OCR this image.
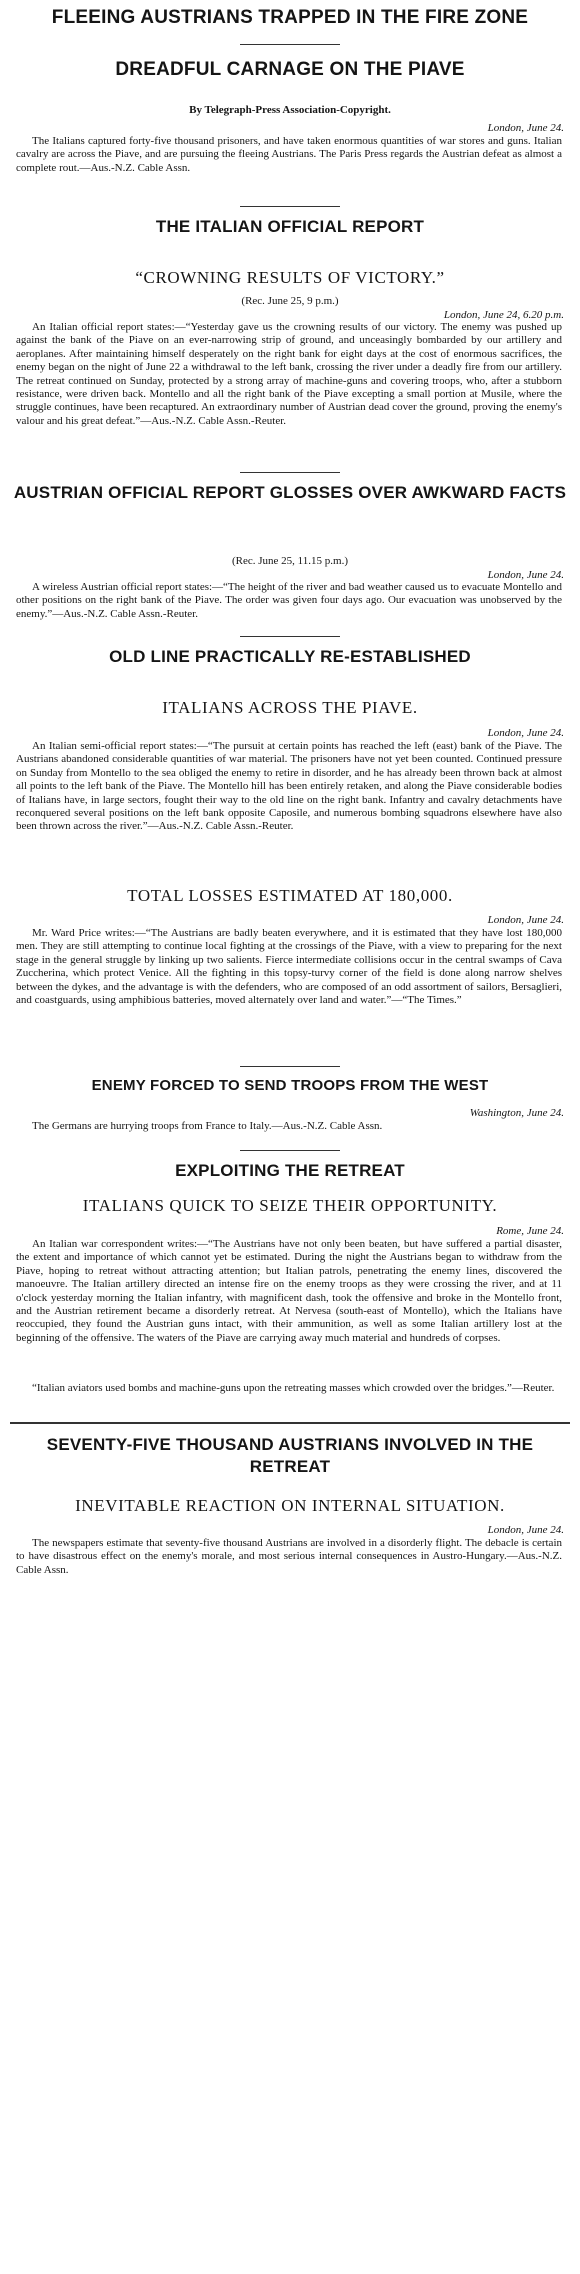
FLEEING AUSTRIANS TRAPPED IN THE FIRE ZONE
DREADFUL CARNAGE ON THE PIAVE
By Telegraph-Press Association-Copyright.
London, June 24.
The Italians captured forty-five thousand prisoners, and have taken enormous quantities of war stores and guns. Italian cavalry are across the Piave, and are pursuing the fleeing Austrians. The Paris Press regards the Austrian defeat as almost a complete rout.—Aus.-N.Z. Cable Assn.
THE ITALIAN OFFICIAL REPORT
“CROWNING RESULTS OF VICTORY.”
(Rec. June 25, 9 p.m.)
London, June 24, 6.20 p.m.
An Italian official report states:—“Yesterday gave us the crowning results of our victory. The enemy was pushed up against the bank of the Piave on an ever-narrowing strip of ground, and unceasingly bombarded by our artillery and aeroplanes. After maintaining himself desperately on the right bank for eight days at the cost of enormous sacrifices, the enemy began on the night of June 22 a withdrawal to the left bank, crossing the river under a deadly fire from our artillery. The retreat continued on Sunday, protected by a strong array of machine-guns and covering troops, who, after a stubborn resistance, were driven back. Montello and all the right bank of the Piave excepting a small portion at Musile, where the struggle continues, have been recaptured. An extraordinary number of Austrian dead cover the ground, proving the enemy's valour and his great defeat.”—Aus.-N.Z. Cable Assn.-Reuter.
AUSTRIAN OFFICIAL REPORT GLOSSES OVER AWKWARD FACTS
(Rec. June 25, 11.15 p.m.)
London, June 24.
A wireless Austrian official report states:—“The height of the river and bad weather caused us to evacuate Montello and other positions on the right bank of the Piave. The order was given four days ago. Our evacuation was unobserved by the enemy.”—Aus.-N.Z. Cable Assn.-Reuter.
OLD LINE PRACTICALLY RE-ESTABLISHED
ITALIANS ACROSS THE PIAVE.
London, June 24.
An Italian semi-official report states:—“The pursuit at certain points has reached the left (east) bank of the Piave. The Austrians abandoned considerable quantities of war material. The prisoners have not yet been counted. Continued pressure on Sunday from Montello to the sea obliged the enemy to retire in disorder, and he has already been thrown back at almost all points to the left bank of the Piave. The Montello hill has been entirely retaken, and along the Piave considerable bodies of Italians have, in large sectors, fought their way to the old line on the right bank. Infantry and cavalry detachments have reconquered several positions on the left bank opposite Caposile, and numerous bombing squadrons elsewhere have also been thrown across the river.”—Aus.-N.Z. Cable Assn.-Reuter.
TOTAL LOSSES ESTIMATED AT 180,000.
London, June 24.
Mr. Ward Price writes:—“The Austrians are badly beaten everywhere, and it is estimated that they have lost 180,000 men. They are still attempting to continue local fighting at the crossings of the Piave, with a view to preparing for the next stage in the general struggle by linking up two salients. Fierce intermediate collisions occur in the central swamps of Cava Zuccherina, which protect Venice. All the fighting in this topsy-turvy corner of the field is done along narrow shelves between the dykes, and the advantage is with the defenders, who are composed of an odd assortment of sailors, Bersaglieri, and coastguards, using amphibious batteries, moved alternately over land and water.”—“The Times.”
ENEMY FORCED TO SEND TROOPS FROM THE WEST
Washington, June 24.
The Germans are hurrying troops from France to Italy.—Aus.-N.Z. Cable Assn.
EXPLOITING THE RETREAT
ITALIANS QUICK TO SEIZE THEIR OPPORTUNITY.
Rome, June 24.
An Italian war correspondent writes:—“The Austrians have not only been beaten, but have suffered a partial disaster, the extent and importance of which cannot yet be estimated. During the night the Austrians began to withdraw from the Piave, hoping to retreat without attracting attention; but Italian patrols, penetrating the enemy lines, discovered the manoeuvre. The Italian artillery directed an intense fire on the enemy troops as they were crossing the river, and at 11 o'clock yesterday morning the Italian infantry, with magnificent dash, took the offensive and broke in the Montello front, and the Austrian retirement became a disorderly retreat. At Nervesa (south-east of Montello), which the Italians have reoccupied, they found the Austrian guns intact, with their ammunition, as well as some Italian artillery lost at the beginning of the offensive. The waters of the Piave are carrying away much material and hundreds of corpses.
“Italian aviators used bombs and machine-guns upon the retreating masses which crowded over the bridges.”—Reuter.
SEVENTY-FIVE THOUSAND AUSTRIANS INVOLVED IN THE RETREAT
INEVITABLE REACTION ON INTERNAL SITUATION.
London, June 24.
The newspapers estimate that seventy-five thousand Austrians are involved in a disorderly flight. The debacle is certain to have disastrous effect on the enemy's morale, and most serious internal consequences in Austro-Hungary.—Aus.-N.Z. Cable Assn.
